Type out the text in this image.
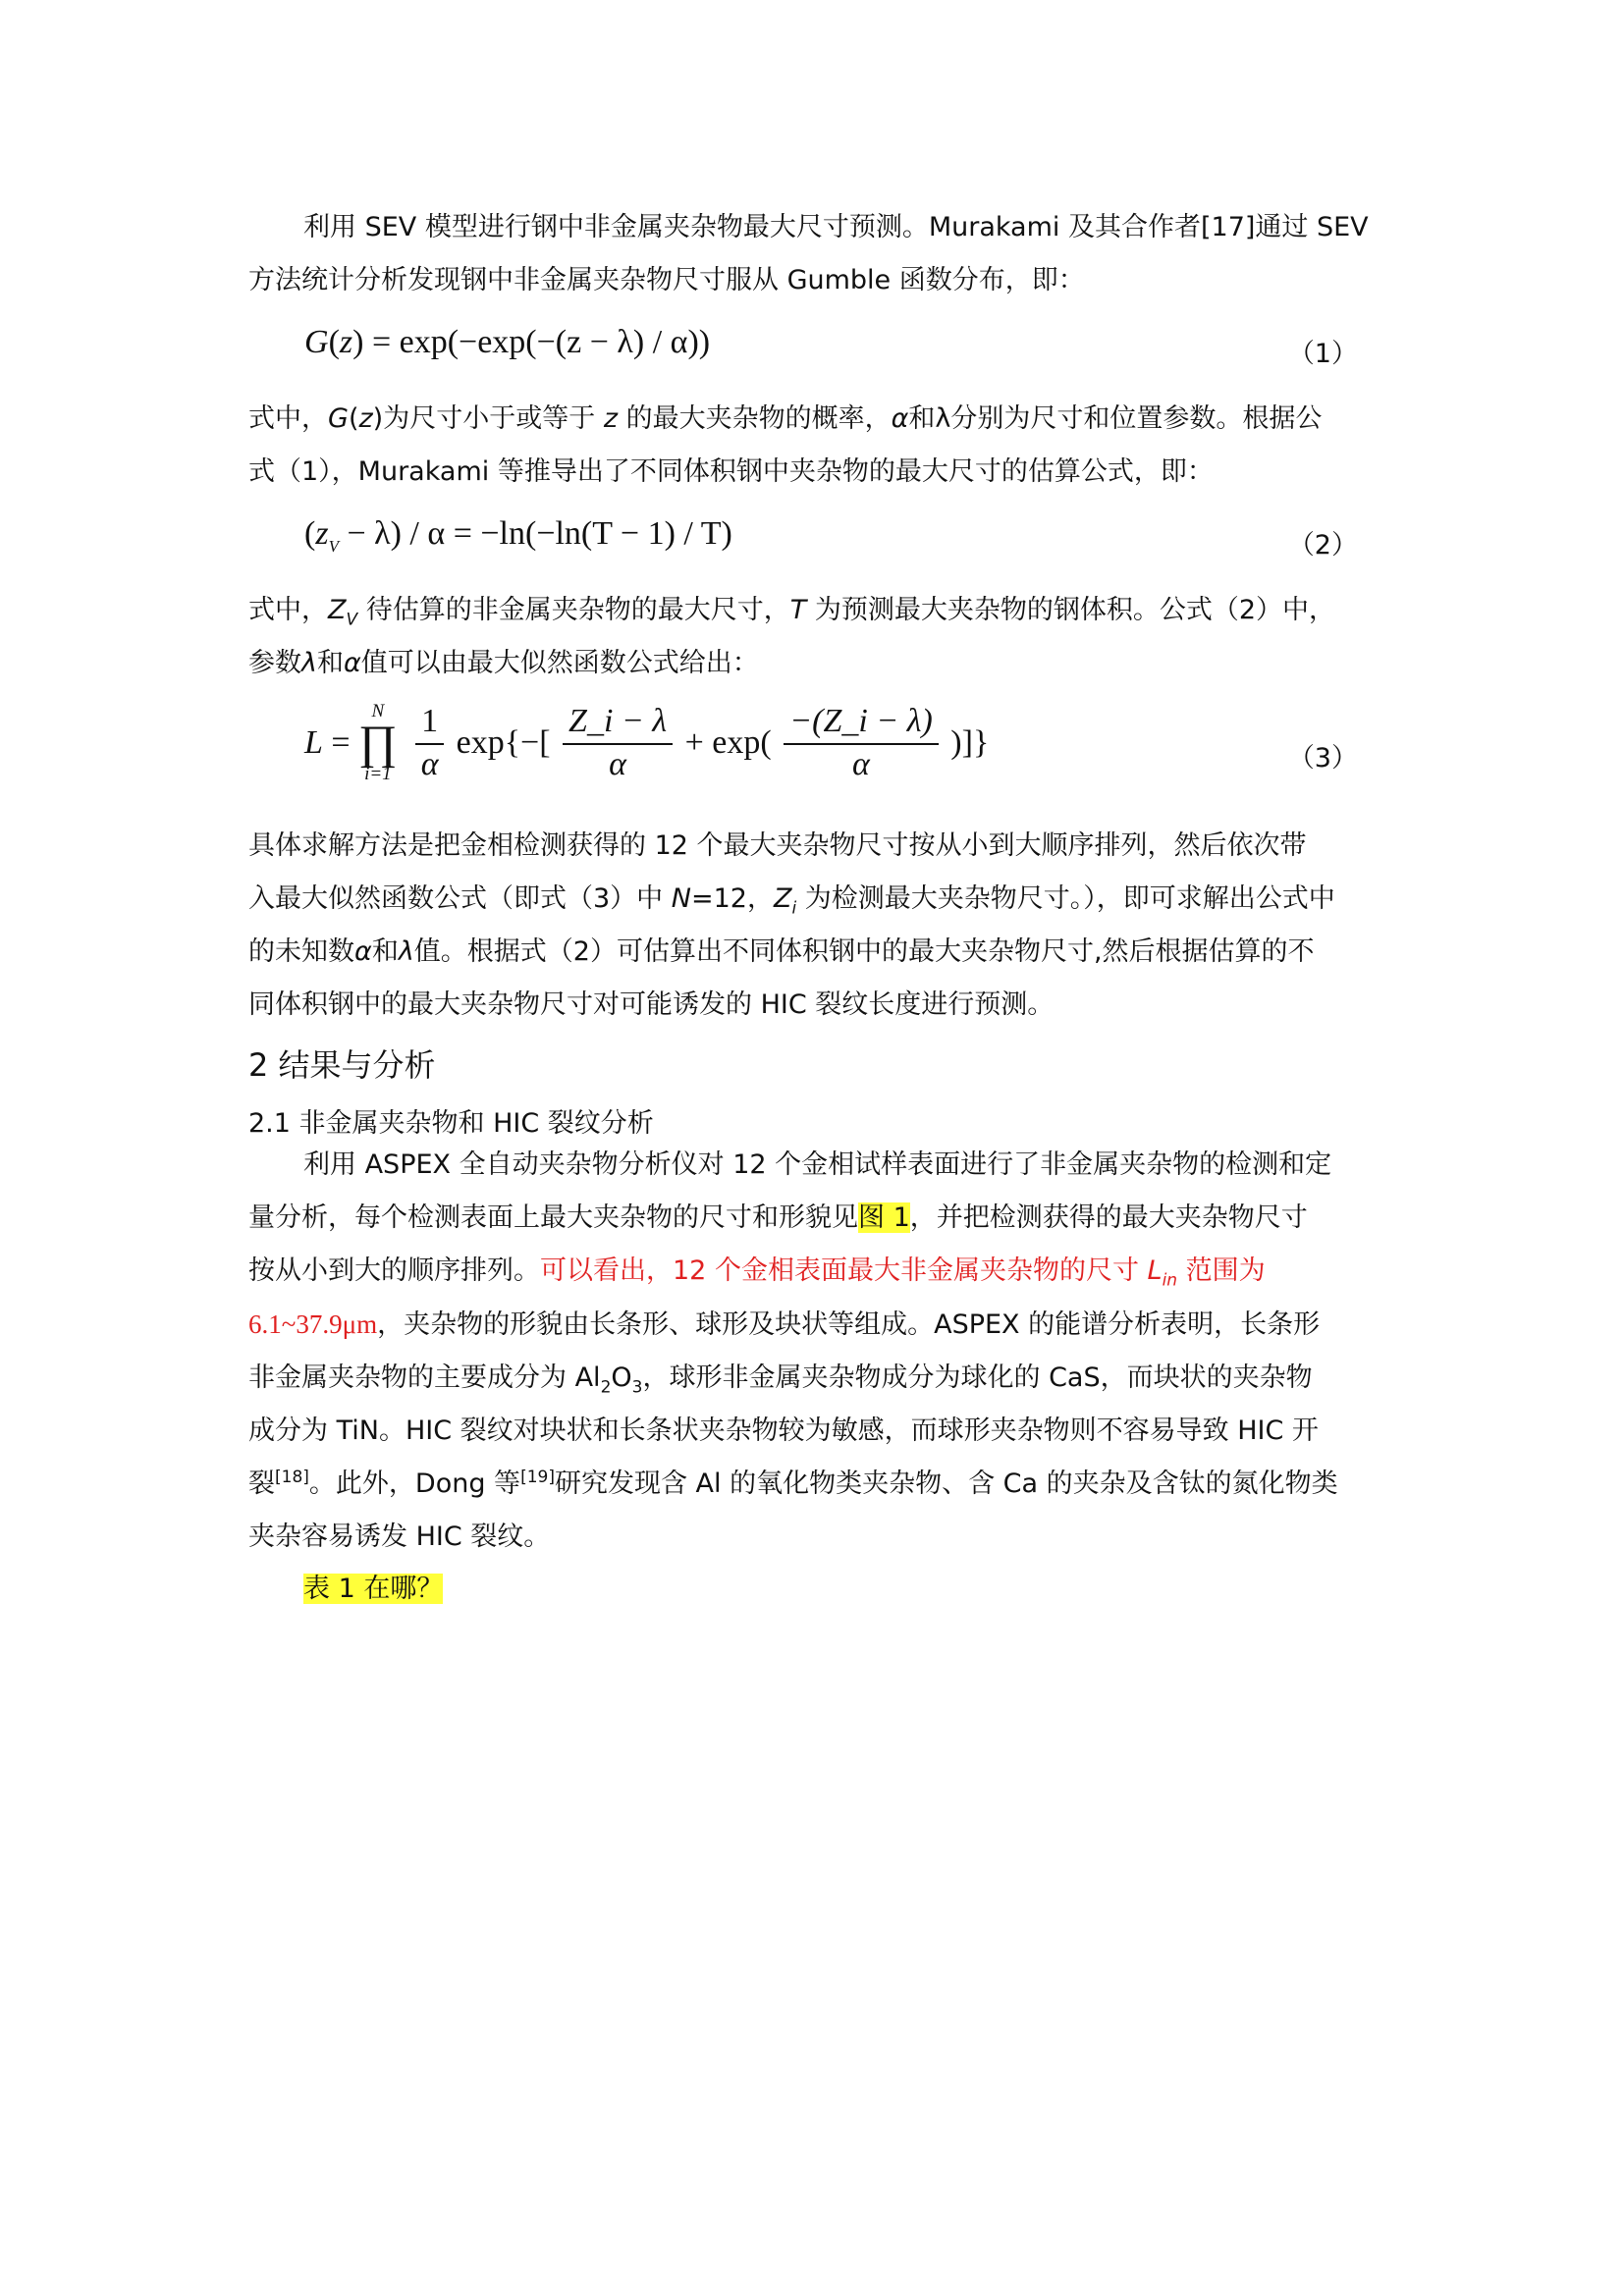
利用 SEV 模型进行钢中非金属夹杂物最大尺寸预测。Murakami 及其合作者[17]通过 SEV
方法统计分析发现钢中非金属夹杂物尺寸服从 Gumble 函数分布，即：
G(z) = exp(−exp(−(z − λ) / α))	（1）
式中，G(z)为尺寸小于或等于 z 的最大夹杂物的概率，α和λ分别为尺寸和位置参数。根据公
式（1），Murakami 等推导出了不同体积钢中夹杂物的最大尺寸的估算公式，即：
$(z_V - \lambda) / \alpha = -\ln(-\ln(T - 1) / T)$	（2）
式中，$Z_V$ 待估算的非金属夹杂物的最大尺寸，T 为预测最大夹杂物的钢体积。公式（2）中，
参数λ和α值可以由最大似然函数公式给出：
L =
N
∏
i=1
$\frac{1}{\alpha} \exp\{-[ \frac{Z\_i - \lambda}{\alpha} + \exp( \frac{-(Z\_i - \lambda)}{\alpha}$ )]}	（3）
具体求解方法是把金相检测获得的 12 个最大夹杂物尺寸按从小到大顺序排列，然后依次带
入最大似然函数公式（即式（3）中 N=12，$Z_i$ 为检测最大夹杂物尺寸。），即可求解出公式中
的未知数α和λ值。根据式（2）可估算出不同体积钢中的最大夹杂物尺寸,然后根据估算的不
同体积钢中的最大夹杂物尺寸对可能诱发的 HIC 裂纹长度进行预测。
2 结果与分析
2.1 非金属夹杂物和 HIC 裂纹分析
利用 ASPEX 全自动夹杂物分析仪对 12 个金相试样表面进行了非金属夹杂物的检测和定
量分析，每个检测表面上最大夹杂物的尺寸和形貌见图 1，并把检测获得的最大夹杂物尺寸
按从小到大的顺序排列。可以看出，12 个金相表面最大非金属夹杂物的尺寸 $L_{in}$ 范围为
6.1~37.9μm，夹杂物的形貌由长条形、球形及块状等组成。ASPEX 的能谱分析表明，长条形
非金属夹杂物的主要成分为 $Al_2O_3$，球形非金属夹杂物成分为球化的 CaS，而块状的夹杂物
成分为 TiN。HIC 裂纹对块状和长条状夹杂物较为敏感，而球形夹杂物则不容易导致 HIC 开
裂[18]。此外，Dong 等[19]研究发现含 Al 的氧化物类夹杂物、含 Ca 的夹杂及含钛的氮化物类
夹杂容易诱发 HIC 裂纹。
表 1 在哪？
